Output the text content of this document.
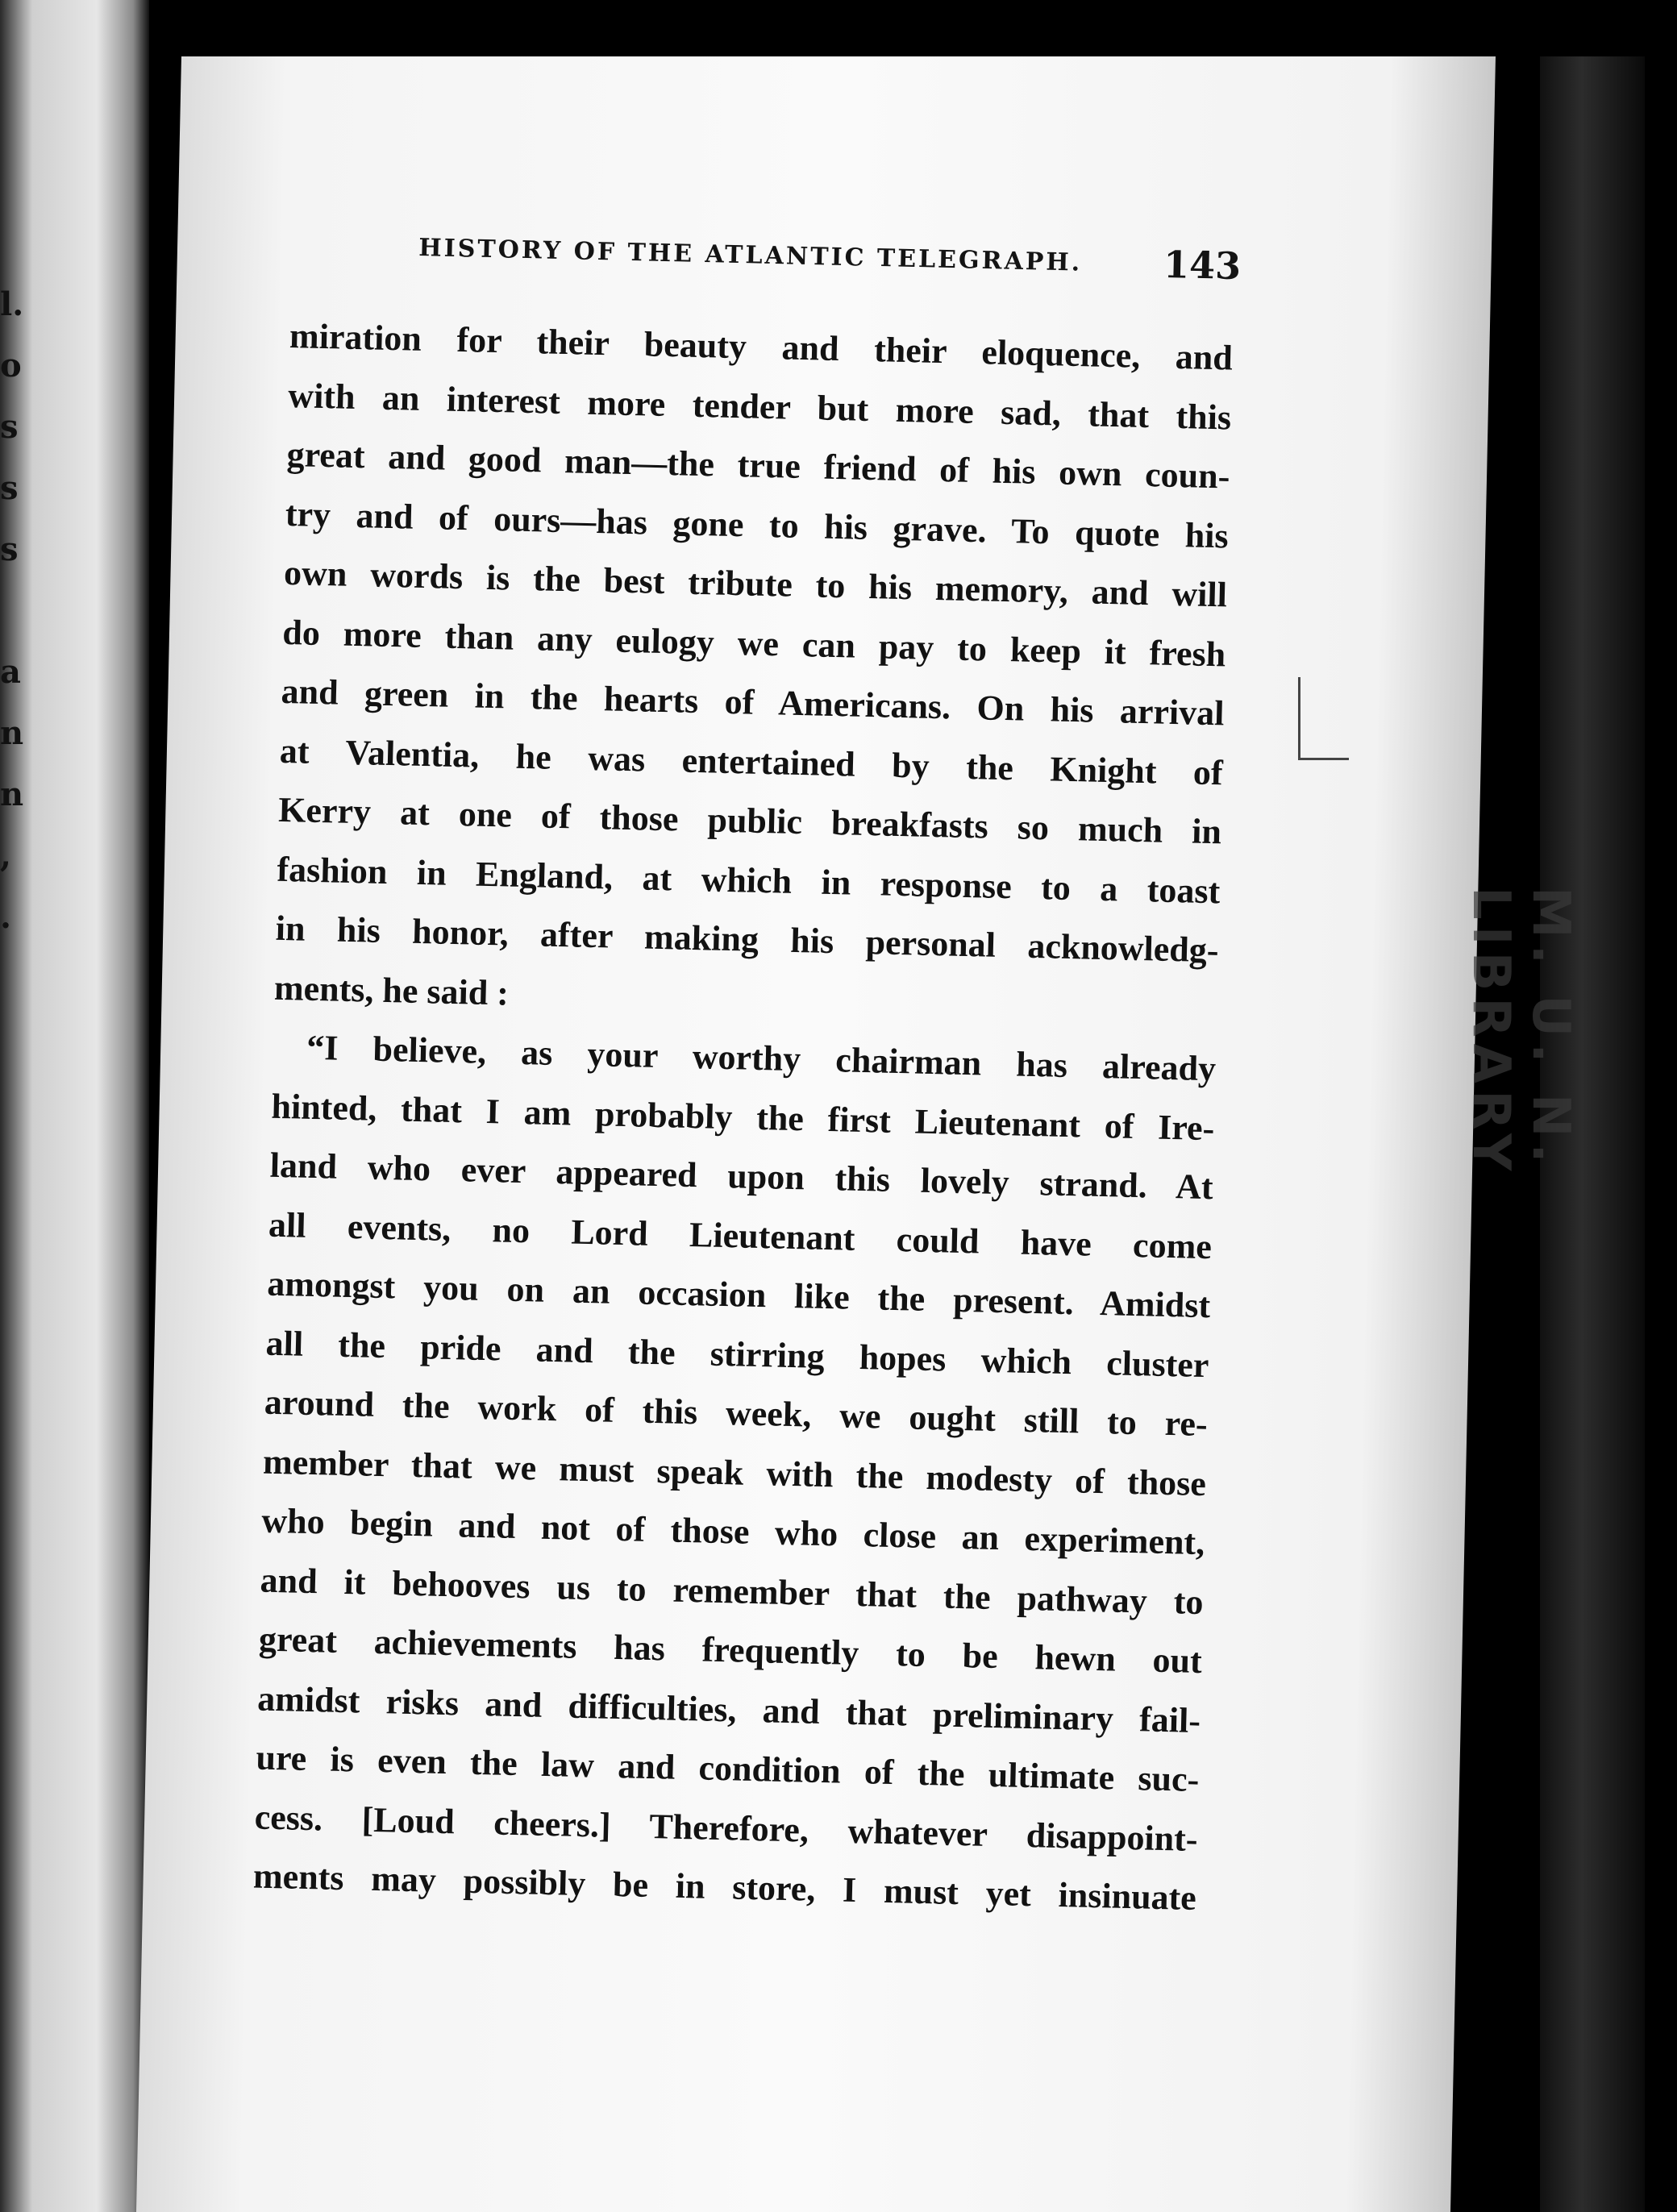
l.
o
s
s
s
a
n
n
,
.	M. U. N. LIBRARY
HISTORY OF THE ATLANTIC TELEGRAPH. 143
miration for their beauty and their eloquence, and
with an interest more tender but more sad, that this
great and good man—the true friend of his own coun-
try and of ours—has gone to his grave. To quote his
own words is the best tribute to his memory, and will
do more than any eulogy we can pay to keep it fresh
and green in the hearts of Americans. On his arrival
at Valentia, he was entertained by the Knight of
Kerry at one of those public breakfasts so much in
fashion in England, at which in response to a toast
in his honor, after making his personal acknowledg-
ments, he said :
“I believe, as your worthy chairman has already
hinted, that I am probably the first Lieutenant of Ire-
land who ever appeared upon this lovely strand. At
all events, no Lord Lieutenant could have come
amongst you on an occasion like the present. Amidst
all the pride and the stirring hopes which cluster
around the work of this week, we ought still to re-
member that we must speak with the modesty of those
who begin and not of those who close an experiment,
and it behooves us to remember that the pathway to
great achievements has frequently to be hewn out
amidst risks and difficulties, and that preliminary fail-
ure is even the law and condition of the ultimate suc-
cess. [Loud cheers.] Therefore, whatever disappoint-
ments may possibly be in store, I must yet insinuate
